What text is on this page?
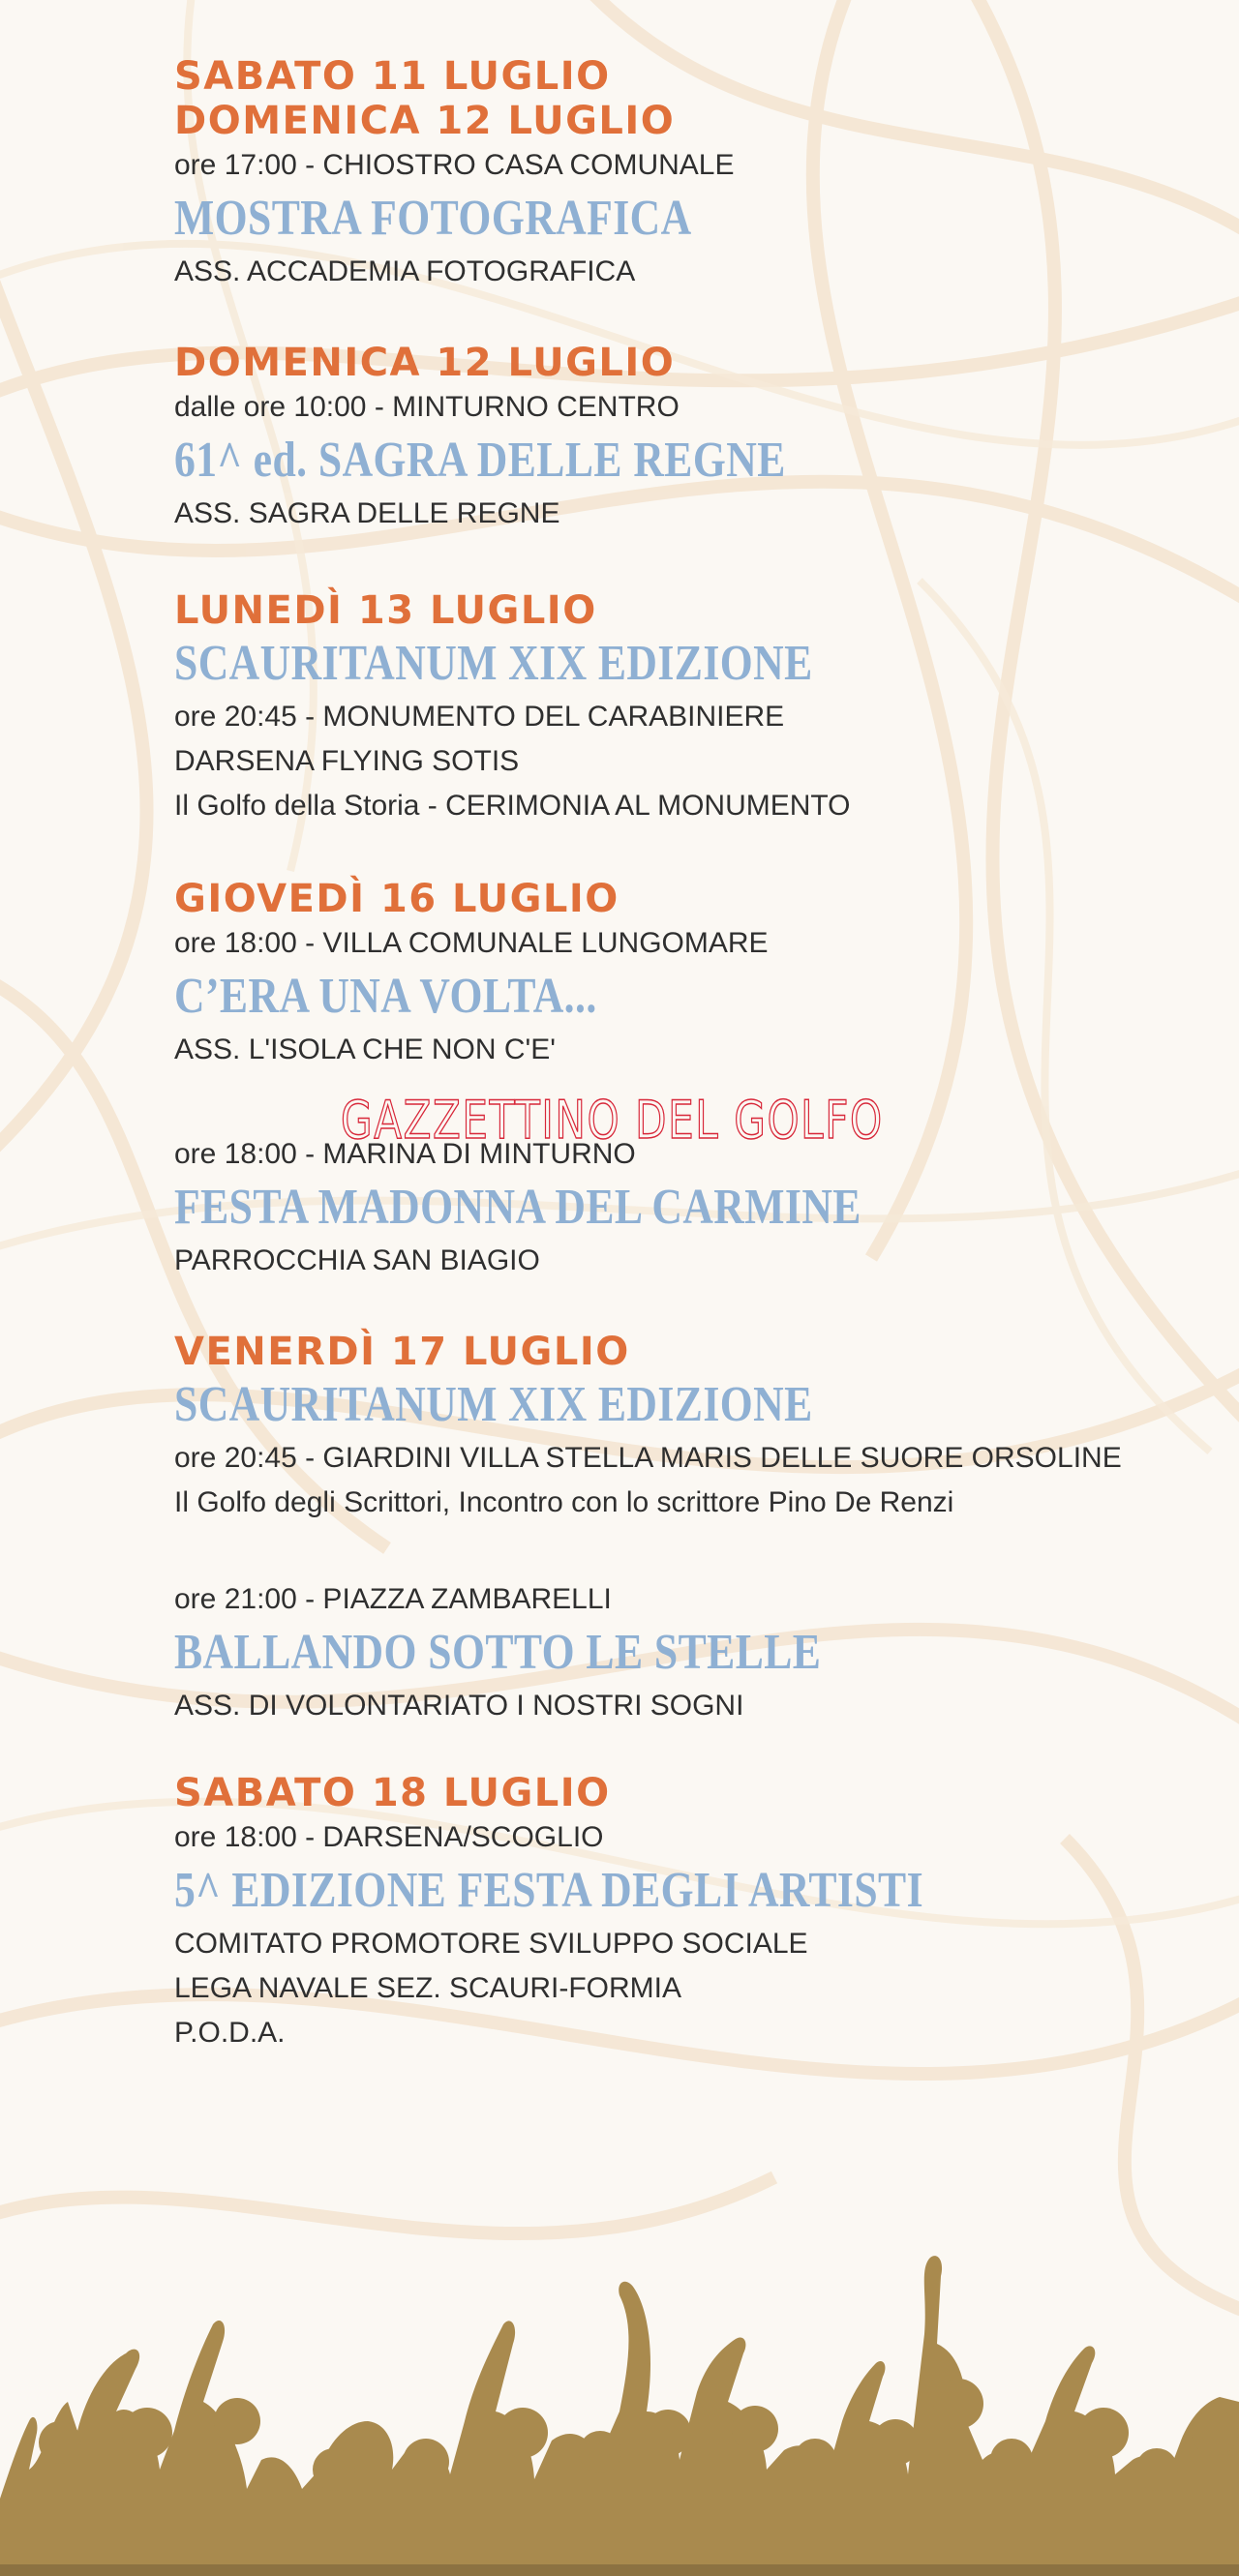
SABATO 11 LUGLIO
DOMENICA 12 LUGLIO
ore 17:00 - CHIOSTRO CASA COMUNALE
MOSTRA FOTOGRAFICA
ASS. ACCADEMIA FOTOGRAFICA
DOMENICA 12 LUGLIO
dalle ore 10:00 - MINTURNO CENTRO
61^ ed. SAGRA DELLE REGNE
ASS. SAGRA DELLE REGNE
LUNEDÌ 13 LUGLIO
SCAURITANUM XIX EDIZIONE
ore 20:45 - MONUMENTO DEL CARABINIERE
DARSENA FLYING SOTIS
Il Golfo della Storia - CERIMONIA AL MONUMENTO
GIOVEDÌ 16 LUGLIO
ore 18:00 - VILLA COMUNALE LUNGOMARE
C’ERA UNA VOLTA...
ASS. L'ISOLA CHE NON C'E'
ore 18:00 - MARINA DI MINTURNO
FESTA MADONNA DEL CARMINE
PARROCCHIA SAN BIAGIO
VENERDÌ 17 LUGLIO
SCAURITANUM XIX EDIZIONE
ore 20:45 - GIARDINI VILLA STELLA MARIS DELLE SUORE ORSOLINE
Il Golfo degli Scrittori, Incontro con lo scrittore Pino De Renzi
ore 21:00 - PIAZZA ZAMBARELLI
BALLANDO SOTTO LE STELLE
ASS. DI VOLONTARIATO I NOSTRI SOGNI
SABATO 18 LUGLIO
ore 18:00 - DARSENA/SCOGLIO
5^ EDIZIONE FESTA DEGLI ARTISTI
COMITATO PROMOTORE SVILUPPO SOCIALE
LEGA NAVALE SEZ. SCAURI-FORMIA
P.O.D.A.
GAZZETTINO DEL GOLFO
